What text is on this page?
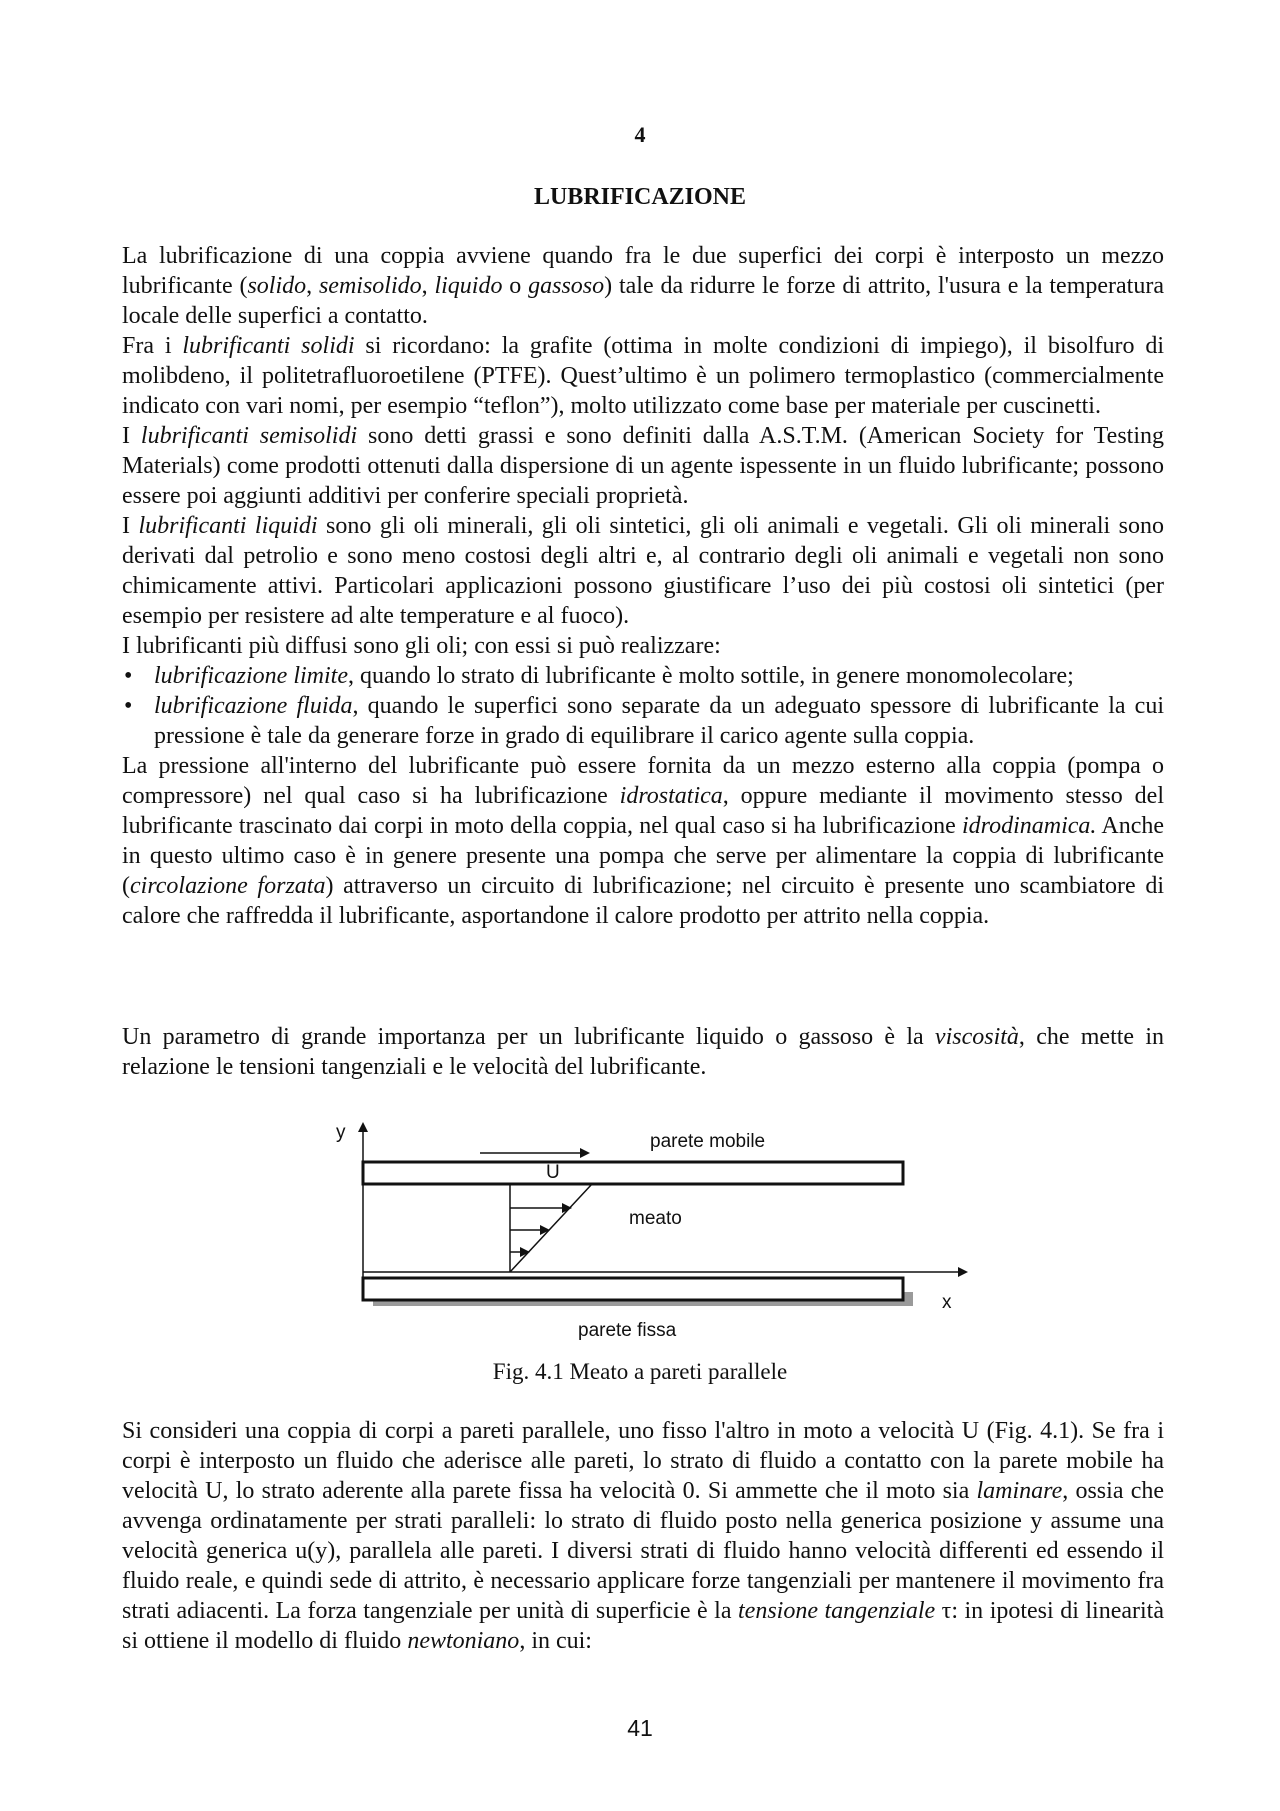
4
LUBRIFICAZIONE

La lubrificazione di una coppia avviene quando fra le due superfici dei corpi è interposto un mezzo lubrificante (solido, semisolido, liquido o gassoso) tale da ridurre le forze di attrito, l'usura e la temperatura locale delle superfici a contatto.

Fra i lubrificanti solidi si ricordano: la grafite (ottima in molte condizioni di impiego), il bisolfuro di molibdeno, il politetrafluoroetilene (PTFE). Quest’ultimo è un polimero termoplastico (commercialmente indicato con vari nomi, per esempio “teflon”), molto utilizzato come base per materiale per cuscinetti.

I lubrificanti semisolidi sono detti grassi e sono definiti dalla A.S.T.M. (American Society for Testing Materials) come prodotti ottenuti dalla dispersione di un agente ispessente in un fluido lubrificante; possono essere poi aggiunti additivi per conferire speciali proprietà.

I lubrificanti liquidi sono gli oli minerali, gli oli sintetici, gli oli animali e vegetali. Gli oli minerali sono derivati dal petrolio e sono meno costosi degli altri e, al contrario degli oli animali e vegetali non sono chimicamente attivi. Particolari applicazioni possono giustificare l’uso dei più costosi oli sintetici (per esempio per resistere ad alte temperature e al fuoco).

I lubrificanti più diffusi sono gli oli; con essi si può realizzare:

• lubrificazione limite, quando lo strato di lubrificante è molto sottile, in genere monomolecolare;
• lubrificazione fluida, quando le superfici sono separate da un adeguato spessore di lubrificante la cui pressione è tale da generare forze in grado di equilibrare il carico agente sulla coppia.

La pressione all'interno del lubrificante può essere fornita da un mezzo esterno alla coppia (pompa o compressore) nel qual caso si ha lubrificazione idrostatica, oppure mediante il movimento stesso del lubrificante trascinato dai corpi in moto della coppia, nel qual caso si ha lubrificazione idrodinamica. Anche in questo ultimo caso è in genere presente una pompa che serve per alimentare la coppia di lubrificante (circolazione forzata) attraverso un circuito di lubrificazione; nel circuito è presente uno scambiatore di calore che raffredda il lubrificante, asportandone il calore prodotto per attrito nella coppia.

Un parametro di grande importanza per un lubrificante liquido o gassoso è la viscosità, che mette in relazione le tensioni tangenziali e le velocità del lubrificante.

y
x
U
parete mobile
meato
parete fissa
Fig. 4.1 Meato a pareti parallele

Si consideri una coppia di corpi a pareti parallele, uno fisso l'altro in moto a velocità U (Fig. 4.1). Se fra i corpi è interposto un fluido che aderisce alle pareti, lo strato di fluido a contatto con la parete mobile ha velocità U, lo strato aderente alla parete fissa ha velocità 0. Si ammette che il moto sia laminare, ossia che avvenga ordinatamente per strati paralleli: lo strato di fluido posto nella generica posizione y assume una velocità generica u(y), parallela alle pareti. I diversi strati di fluido hanno velocità differenti ed essendo il fluido reale, e quindi sede di attrito, è necessario applicare forze tangenziali per mantenere il movimento fra strati adiacenti. La forza tangenziale per unità di superficie è la tensione tangenziale τ: in ipotesi di linearità si ottiene il modello di fluido newtoniano, in cui:

41
